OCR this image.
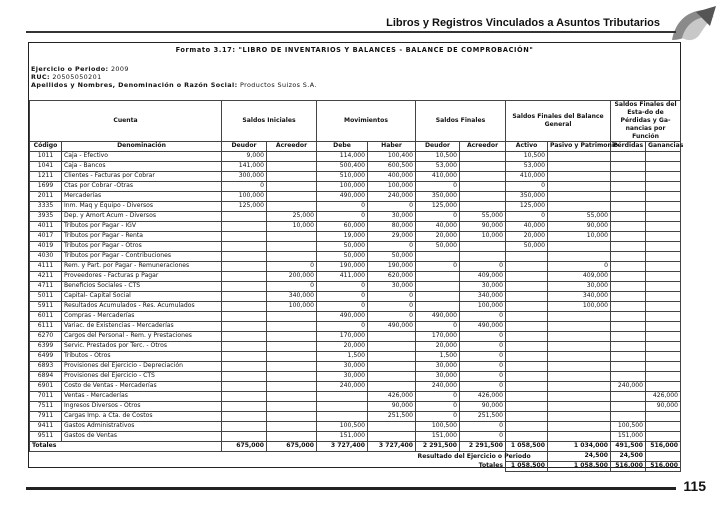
Libros y Registros Vinculados a Asuntos Tributarios
Formato 3.17: "LIBRO DE INVENTARIOS Y BALANCES - BALANCE DE COMPROBACIÓN"
Ejercicio o Periodo: 2009
RUC: 20505050201
Apellidos y Nombres, Denominación o Razón Social: Productos Suizos S.A.
Cuenta		Saldos Iniciales		Movimientos		Saldos Finales		Saldos Finales del Balance General		Saldos Finales del Esta-do de Pérdidas y Ga-nancias por Función	
Código	Denominación	Deudor	Acreedor	Debe	Haber	Deudor	Acreedor	Activo	Pasivo y Patrimonio	Pérdidas	Ganancias
1011	Caja - Efectivo	9,000		114,000	100,400	10,500		10,500			
1041	Caja - Bancos	141,000		500,400	600,500	53,000		53,000			
1211	Clientes - Facturas por Cobrar	300,000		510,000	400,000	410,000		410,000			
1699	Ctas por Cobrar -Otras	0		100,000	100,000	0		0			
2011	Mercaderías	100,000		490,000	240,000	350,000		350,000			
3335	Inm. Maq y Equipo - Diversos	125,000		0	0	125,000		125,000			
3935	Dep. y Amort Acum - Diversos		25,000	0	30,000	0	55,000	0	55,000		
4011	Tributos por Pagar - IGV		10,000	60,000	80,000	40,000	90,000	40,000	90,000		
4017	Tributos por Pagar - Renta			19,000	29,000	20,000	10,000	20,000	10,000		
4019	Tributos por Pagar - Otros			50,000	0	50,000		50,000			
4030	Tributos por Pagar - Contribuciones			50,000	50,000						
4111	Rem. y Part. por Pagar - Remuneraciones		0	190,000	190,000	0	0		0		
4211	Proveedores - Facturas p Pagar		200,000	411,000	620,000		409,000		409,000		
4711	Beneficios Sociales - CTS		0	0	30,000		30,000		30,000		
5011	Capital- Capital Social		340,000	0	0		340,000		340,000		
5911	Resultados Acumulados - Res. Acumulados		100,000	0	0		100,000		100,000		
6011	Compras - Mercaderías			490,000	0	490,000	0				
6111	Variac. de Existencias - Mercaderías			0	490,000	0	490,000				
6270	Cargos del Personal - Rem. y Prestaciones			170,000		170,000	0				
6399	Servic. Prestados por Terc. - Otros			20,000		20,000	0				
6499	Tributos - Otros			1,500		1,500	0				
6893	Provisiones del Ejercicio - Depreciación			30,000		30,000	0				
6894	Provisiones del Ejercicio - CTS			30,000		30,000	0				
6901	Costo de Ventas - Mercaderías			240,000		240,000	0			240,000	
7011	Ventas - Mercaderías				426,000	0	426,000				426,000
7511	Ingresos Diversos - Otros				90,000	0	90,000				90,000
7911	Cargas Imp. a Cta. de Costos				251,500	0	251,500				
9411	Gastos Administrativos			100,500		100,500	0			100,500	
9511	Gastos de Ventas			151,000		151,000	0			151,000	
Totales		675,000	675,000	3 727,400	3 727,400	2 291,500	2 291,500	1 058,500	1 034,000	491,500	516,000
						Resultado del Ejercicio o Periodo			24,500	24,500	
						Totales		1 058,500	1 058,500	516,000	516,000
115
